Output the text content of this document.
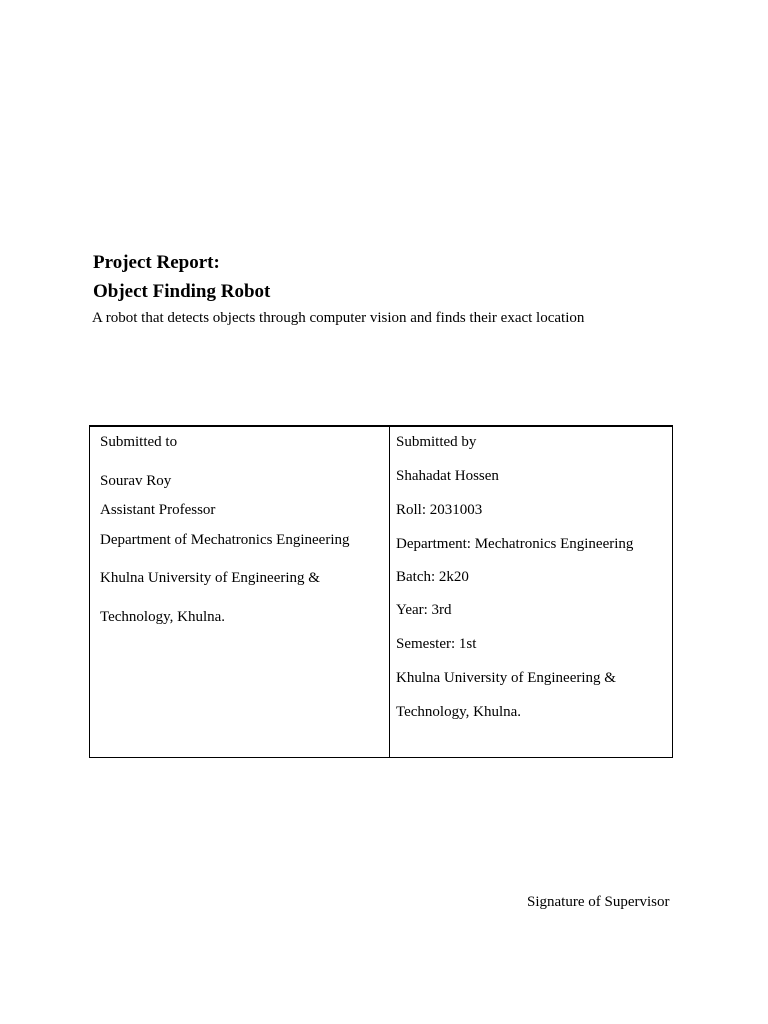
Project Report:
Object Finding Robot
A robot that detects objects through computer vision and finds their exact location
Submitted to
Sourav Roy
Assistant Professor
Department of Mechatronics Engineering
Khulna University of Engineering &
Technology, Khulna.
Submitted by
Shahadat Hossen
Roll: 2031003
Department: Mechatronics Engineering
Batch: 2k20
Year: 3rd
Semester: 1st
Khulna University of Engineering &
Technology, Khulna.
Signature of Supervisor
